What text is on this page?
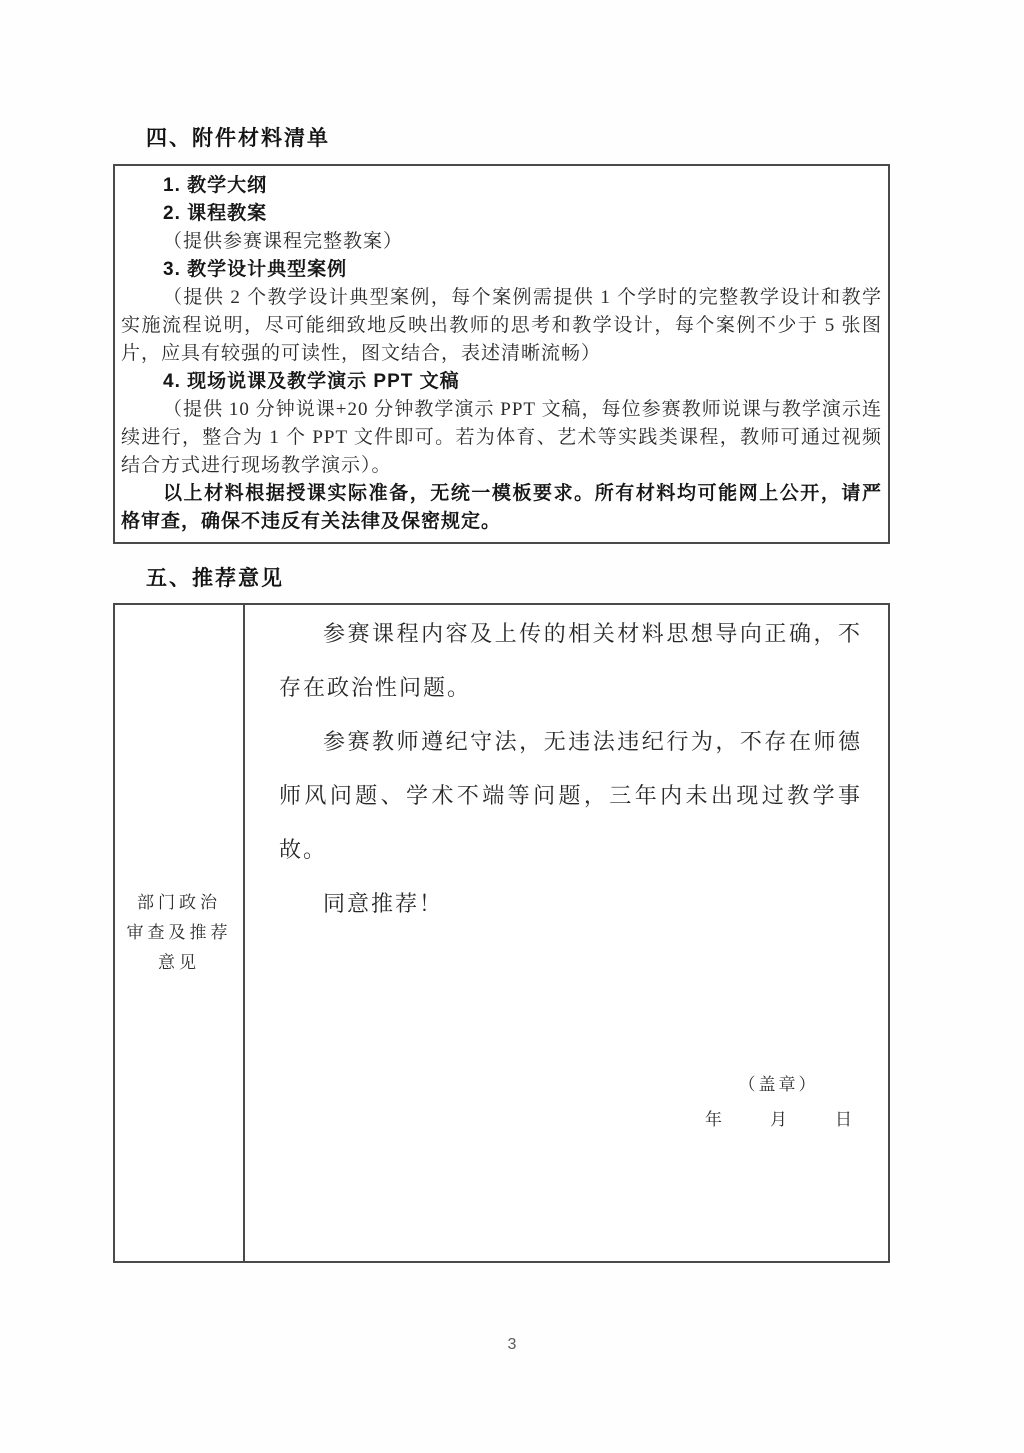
四、附件材料清单

1. 教学大纲

2. 课程教案

（提供参赛课程完整教案）

3. 教学设计典型案例

（提供 2 个教学设计典型案例，每个案例需提供 1 个学时的完整教学设计和教学实施流程说明，尽可能细致地反映出教师的思考和教学设计，每个案例不少于 5 张图片，应具有较强的可读性，图文结合，表述清晰流畅）

4. 现场说课及教学演示 PPT 文稿

（提供 10 分钟说课+20 分钟教学演示 PPT 文稿，每位参赛教师说课与教学演示连续进行，整合为 1 个 PPT 文件即可。若为体育、艺术等实践类课程，教师可通过视频结合方式进行现场教学演示）。

以上材料根据授课实际准备，无统一模板要求。所有材料均可能网上公开，请严格审查，确保不违反有关法律及保密规定。

五、推荐意见
部门政治
审查及推荐
意见

参赛课程内容及上传的相关材料思想导向正确，不存在政治性问题。

参赛教师遵纪守法，无违法违纪行为，不存在师德师风问题、学术不端等问题，三年内未出现过教学事故。

同意推荐！

（盖章）
年	月	日
3
